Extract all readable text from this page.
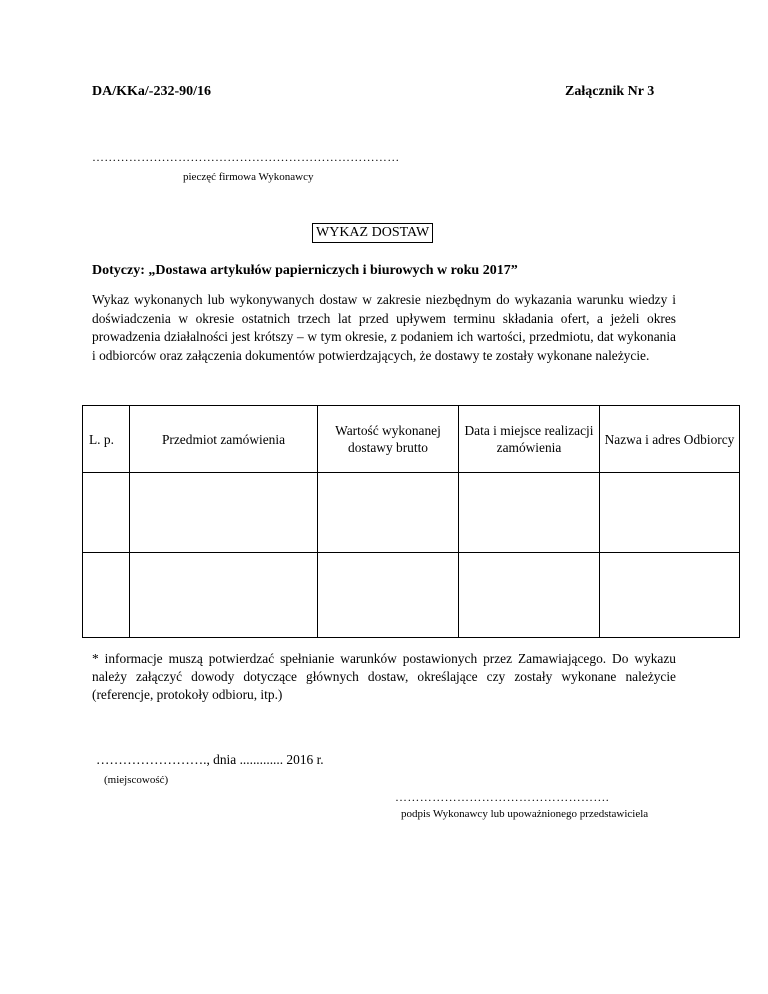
DA/KKa/-232-90/16	Załącznik Nr 3
…………………………………………………………………
pieczęć firmowa Wykonawcy
WYKAZ DOSTAW
Dotyczy: „Dostawa artykułów papierniczych i biurowych w roku 2017”
Wykaz wykonanych lub wykonywanych dostaw w zakresie niezbędnym do wykazania warunku wiedzy i doświadczenia w okresie ostatnich trzech lat przed upływem terminu składania ofert, a jeżeli okres prowadzenia działalności jest krótszy – w tym okresie, z podaniem ich wartości, przedmiotu, dat wykonania i odbiorców oraz załączenia dokumentów potwierdzających, że dostawy te zostały wykonane należycie.
L. p.	Przedmiot zamówienia	Wartość wykonanej dostawy brutto	Data i miejsce realizacji zamówienia	Nazwa i adres Odbiorcy

* informacje muszą potwierdzać spełnianie warunków postawionych przez Zamawiającego. Do wykazu należy załączyć dowody dotyczące głównych dostaw, określające czy zostały wykonane należycie (referencje, protokoły odbioru, itp.)
……………………., dnia ............. 2016 r.
(miejscowość)
…………………………………………….
podpis Wykonawcy lub upoważnionego przedstawiciela
